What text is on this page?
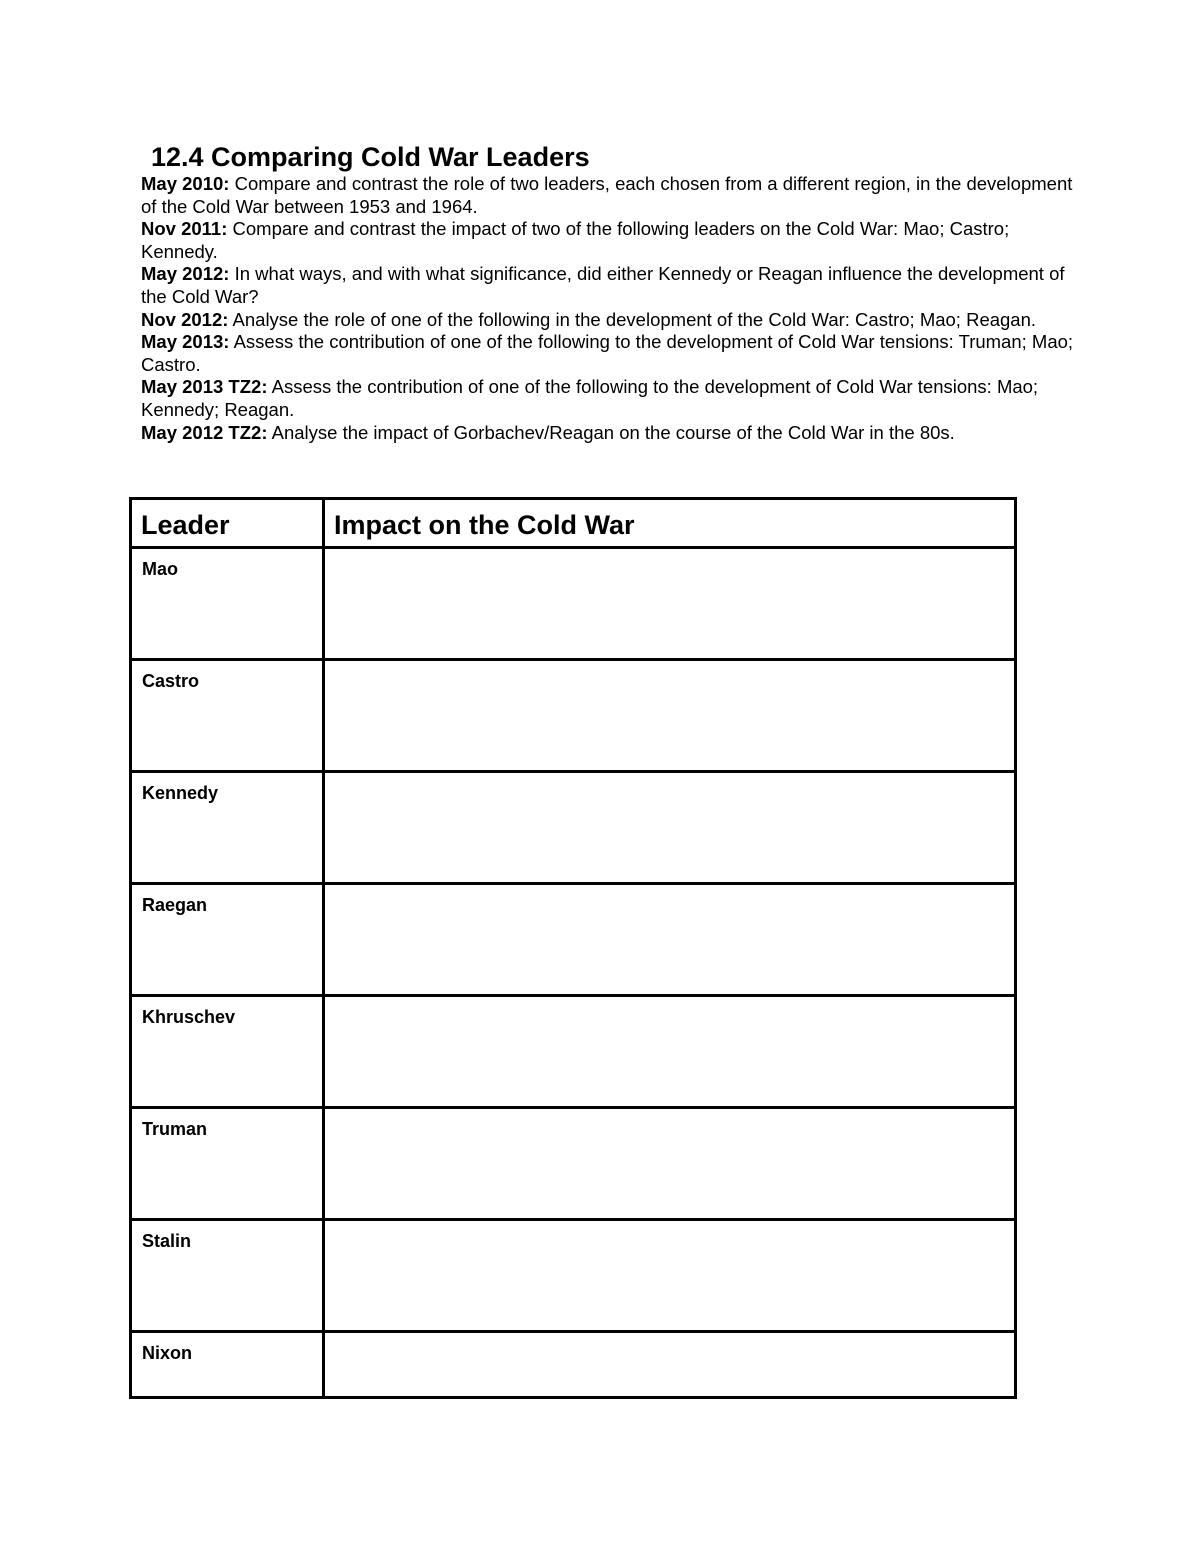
12.4 Comparing Cold War Leaders

May 2010: Compare and contrast the role of two leaders, each chosen from a different region, in the development of the Cold War between 1953 and 1964.

Nov 2011: Compare and contrast the impact of two of the following leaders on the Cold War: Mao; Castro; Kennedy.

May 2012: In what ways, and with what significance, did either Kennedy or Reagan influence the development of the Cold War?

Nov 2012: Analyse the role of one of the following in the development of the Cold War: Castro; Mao; Reagan.

May 2013: Assess the contribution of one of the following to the development of Cold War tensions: Truman; Mao; Castro.

May 2013 TZ2: Assess the contribution of one of the following to the development of Cold War tensions: Mao; Kennedy; Reagan.

May 2012 TZ2: Analyse the impact of Gorbachev/Reagan on the course of the Cold War in the 80s.

Leader	Impact on the Cold War
Mao	
Castro	
Kennedy	
Raegan	
Khruschev	
Truman	
Stalin	
Nixon	
